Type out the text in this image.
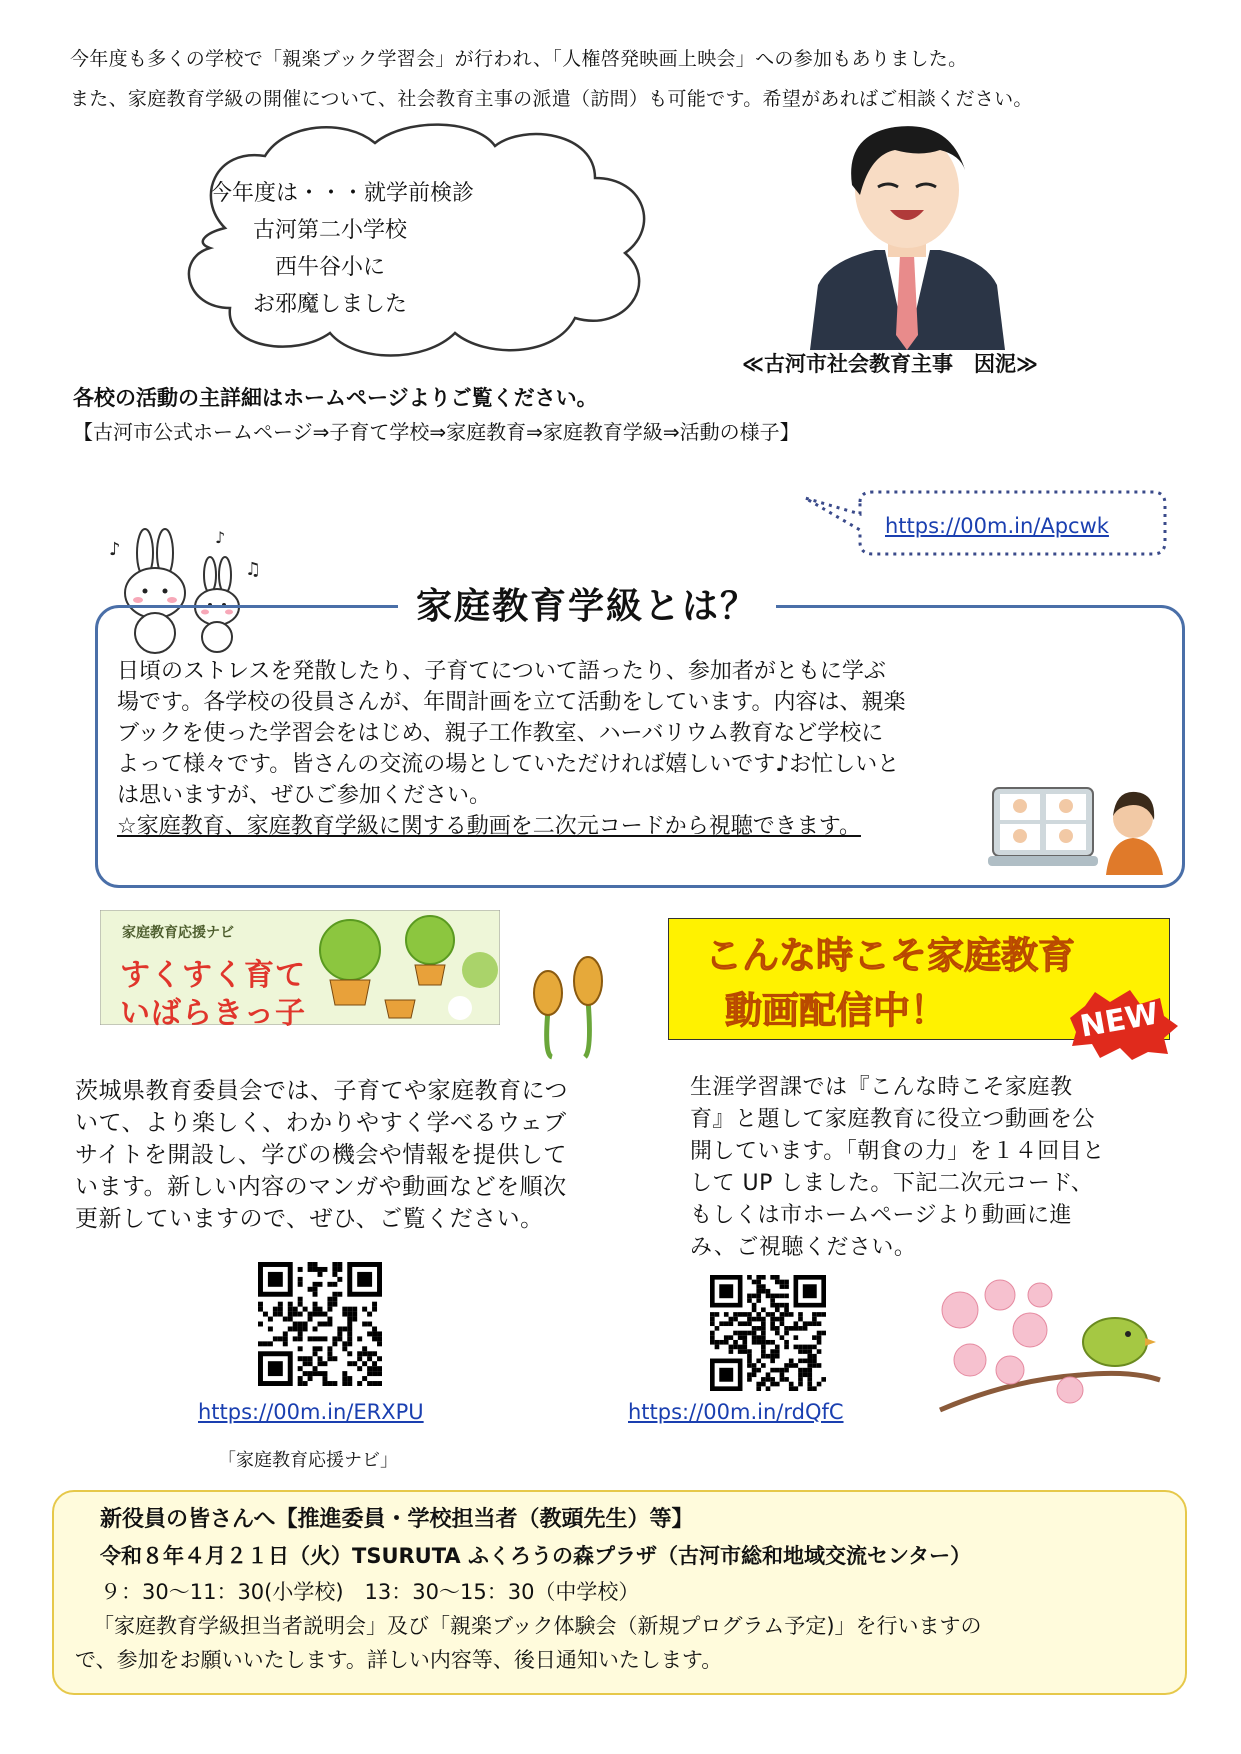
今年度も多くの学校で「親楽ブック学習会」が行われ、「人権啓発映画上映会」への参加もありました。
また、家庭教育学級の開催について、社会教育主事の派遣（訪問）も可能です。希望があればご相談ください。
今年度は・・・就学前検診
古河第二小学校
西牛谷小に
お邪魔しました
≪古河市社会教育主事　因泥≫
各校の活動の主詳細はホームページよりご覧ください。
【古河市公式ホームページ⇒子育て学校⇒家庭教育⇒家庭教育学級⇒活動の様子】
https://00m.in/Apcwk
♪
♪
♫
家庭教育学級とは？
日頃のストレスを発散したり、子育てについて語ったり、参加者がともに学ぶ
場です。各学校の役員さんが、年間計画を立て活動をしています。内容は、親楽
ブックを使った学習会をはじめ、親子工作教室、ハーバリウム教育など学校に
よって様々です。皆さんの交流の場としていただければ嬉しいです♪お忙しいと
は思いますが、ぜひご参加ください。
☆家庭教育、家庭教育学級に関する動画を二次元コードから視聴できます。
家庭教育応援ナビ
すくすく育て
いばらきっ子
こんな時こそ家庭教育
動画配信中！	NEW
茨城県教育委員会では、子育てや家庭教育につ
いて、より楽しく、わかりやすく学べるウェブ
サイトを開設し、学びの機会や情報を提供して
います。新しい内容のマンガや動画などを順次
更新していますので、ぜひ、ご覧ください。
生涯学習課では『こんな時こそ家庭教
育』と題して家庭教育に役立つ動画を公
開しています。「朝食の力」を１４回目と
して UP しました。下記二次元コード、
もしくは市ホームページより動画に進
み、ご視聴ください。
https://00m.in/ERXPU
「家庭教育応援ナビ」
https://00m.in/rdQfC
新役員の皆さんへ【推進委員・学校担当者（教頭先生）等】
令和８年４月２１日（火）TSURUTA ふくろうの森プラザ（古河市総和地域交流センター）
９：30〜11：30(小学校)　13：30〜15：30（中学校）
「家庭教育学級担当者説明会」及び「親楽ブック体験会（新規プログラム予定)」を行いますの
で、参加をお願いいたします。詳しい内容等、後日通知いたします。
